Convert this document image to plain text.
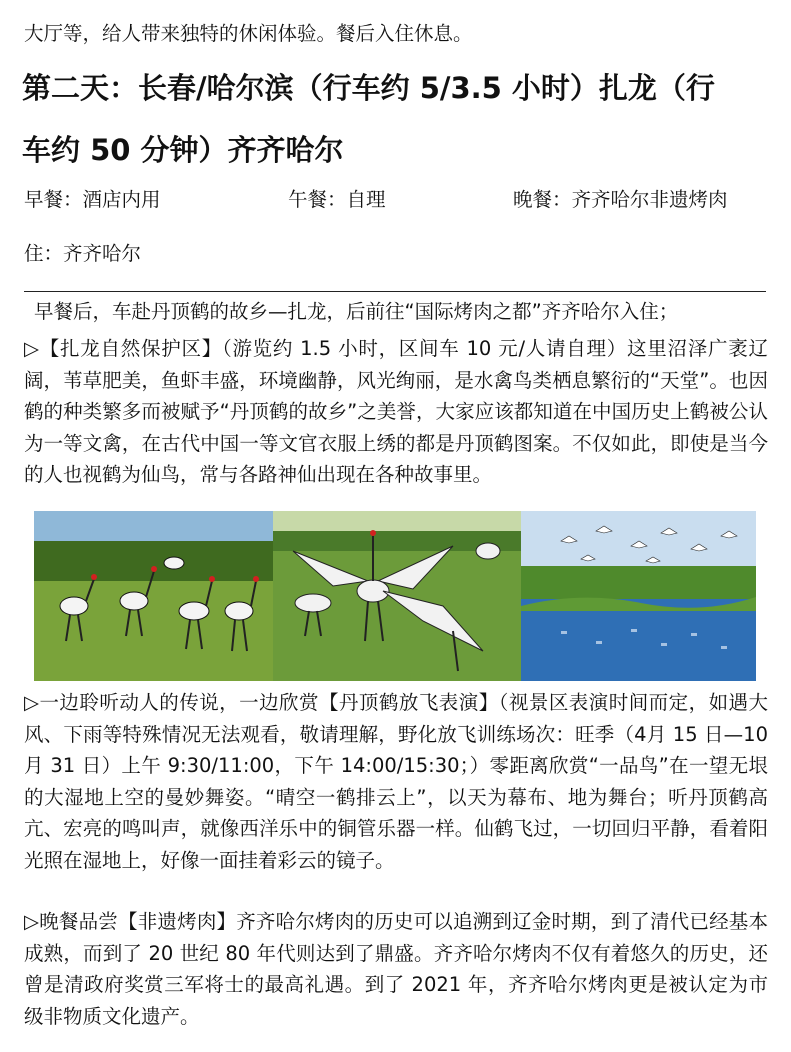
大厅等，给人带来独特的休闲体验。餐后入住休息。
第二天：长春/哈尔滨（行车约 5/3.5 小时）扎龙（行
车约 50 分钟）齐齐哈尔
早餐：酒店内用	午餐：自理	晚餐：齐齐哈尔非遗烤肉
住：齐齐哈尔
早餐后，车赴丹顶鹤的故乡—扎龙，后前往“国际烤肉之都”齐齐哈尔入住；
▷【扎龙自然保护区】（游览约 1.5 小时，区间车 10 元/人请自理）这里沼泽广袤辽阔，苇草肥美，鱼虾丰盛，环境幽静，风光绚丽，是水禽鸟类栖息繁衍的“天堂”。也因鹤的种类繁多而被赋予“丹顶鹤的故乡”之美誉，大家应该都知道在中国历史上鹤被公认为一等文禽，在古代中国一等文官衣服上绣的都是丹顶鹤图案。不仅如此，即使是当今的人也视鹤为仙鸟，常与各路神仙出现在各种故事里。
▷一边聆听动人的传说，一边欣赏【丹顶鹤放飞表演】（视景区表演时间而定，如遇大风、下雨等特殊情况无法观看，敬请理解，野化放飞训练场次：旺季（4月 15 日—10 月 31 日）上午 9:30/11:00，下午 14:00/15:30；）零距离欣赏“一品鸟”在一望无垠的大湿地上空的曼妙舞姿。“晴空一鹤排云上”，以天为幕布、地为舞台；听丹顶鹤高亢、宏亮的鸣叫声，就像西洋乐中的铜管乐器一样。仙鹤飞过，一切回归平静，看着阳光照在湿地上，好像一面挂着彩云的镜子。
▷晚餐品尝【非遗烤肉】齐齐哈尔烤肉的历史可以追溯到辽金时期，到了清代已经基本成熟，而到了 20 世纪 80 年代则达到了鼎盛。齐齐哈尔烤肉不仅有着悠久的历史，还曾是清政府奖赏三军将士的最高礼遇。到了 2021 年，齐齐哈尔烤肉更是被认定为市级非物质文化遗产。
